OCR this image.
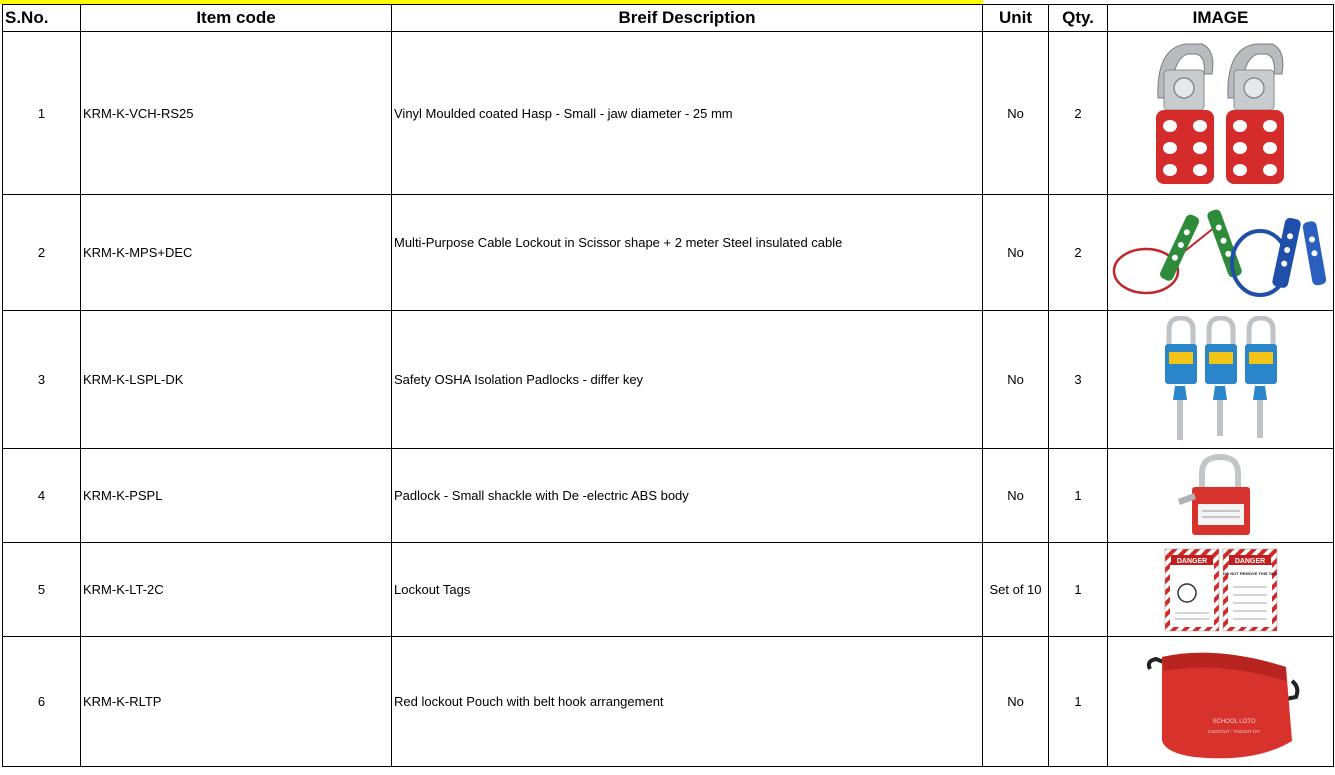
S.No.	Item code	Breif Description	Unit	Qty.	IMAGE
1	KRM-K-VCH-RS25	Vinyl Moulded coated Hasp - Small - jaw diameter - 25 mm	No	2	

2	KRM-K-MPS+DEC	Multi-Purpose Cable Lockout in Scissor shape + 2 meter Steel insulated cable	No	2	

3	KRM-K-LSPL-DK	Safety OSHA Isolation Padlocks - differ key	No	3	

4	KRM-K-PSPL	Padlock - Small shackle with De -electric ABS body	No	1	

5	KRM-K-LT-2C	Lockout Tags	Set of 10	1	DANGER DANGER
DO NOT REMOVE THIS TAG

6	KRM-K-RLTP	Red lockout Pouch with belt hook arrangement	No	1	SCHOOL LOTO
LOCKOUT · TAGOUT KIT
